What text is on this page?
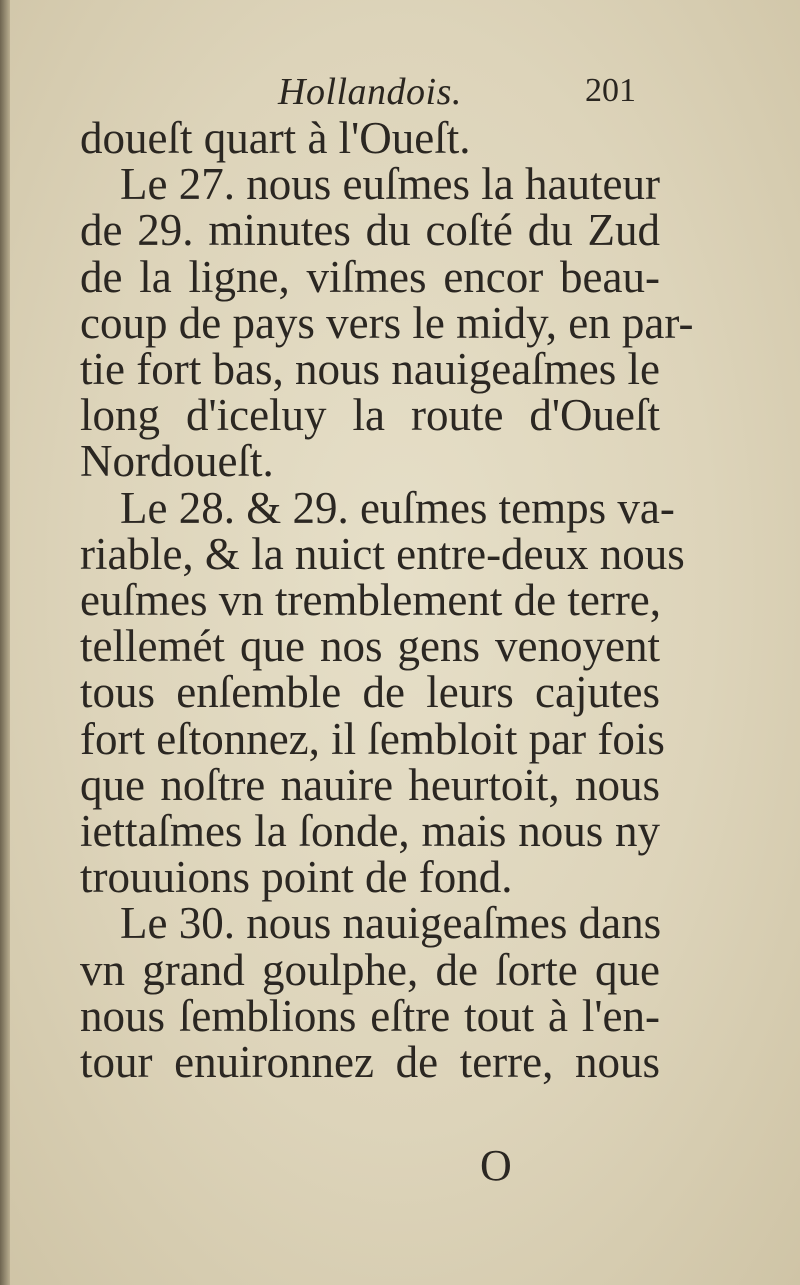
Hollandois.	201
doueſt quart à l'Oueſt.
Le 27. nous euſmes la hauteur
de 29. minutes du coſté du Zud
de la ligne, viſmes encor beau-
coup de pays vers le midy, en par-
tie fort bas, nous nauigeaſmes le
long d'iceluy la route d'Oueſt
Nordoueſt.
Le 28. & 29. euſmes temps va-
riable, & la nuict entre-deux nous
euſmes vn tremblement de terre,
tellemét que nos gens venoyent
tous enſemble de leurs cajutes
fort eſtonnez, il ſembloit par fois
que noſtre nauire heurtoit, nous
iettaſmes la ſonde, mais nous ny
trouuions point de fond.
Le 30. nous nauigeaſmes dans
vn grand goulphe, de ſorte que
nous ſemblions eſtre tout à l'en-
tour enuironnez de terre, nous
O
